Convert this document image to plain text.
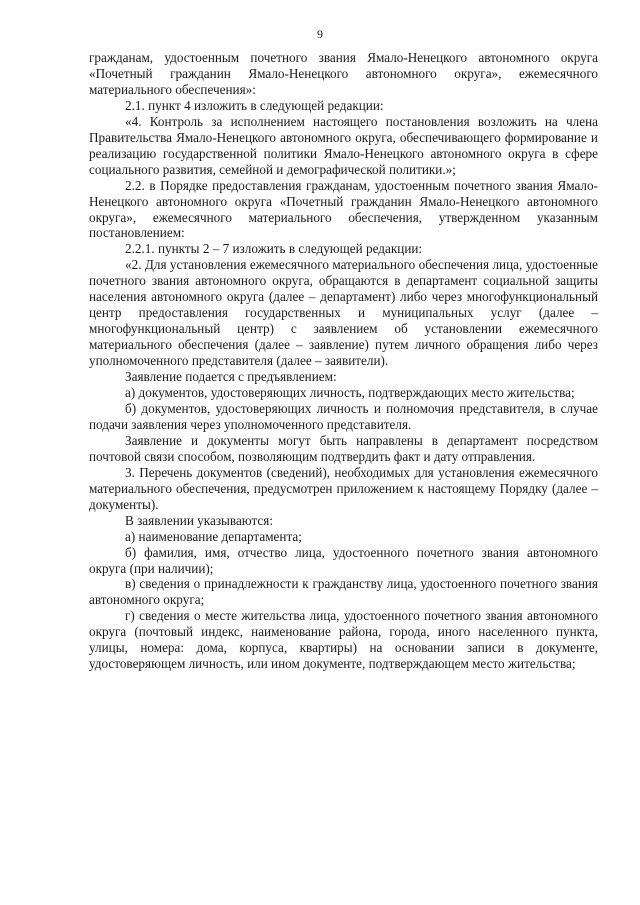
9

гражданам, удостоенным почетного звания Ямало-Ненецкого автономного округа «Почетный гражданин Ямало-Ненецкого автономного округа», ежемесячного материального обеспечения»:

2.1. пункт 4 изложить в следующей редакции:

«4. Контроль за исполнением настоящего постановления возложить на члена Правительства Ямало-Ненецкого автономного округа, обеспечивающего формирование и реализацию государственной политики Ямало-Ненецкого автономного округа в сфере социального развития, семейной и демографической политики.»;

2.2. в Порядке предоставления гражданам, удостоенным почетного звания Ямало-Ненецкого автономного округа «Почетный гражданин Ямало-Ненецкого автономного округа», ежемесячного материального обеспечения, утвержденном указанным постановлением:

2.2.1. пункты 2 – 7 изложить в следующей редакции:

«2. Для установления ежемесячного материального обеспечения лица, удостоенные почетного звания автономного округа, обращаются в департамент социальной защиты населения автономного округа (далее – департамент) либо через многофункциональный центр предоставления государственных и муниципальных услуг (далее – многофункциональный центр) с заявлением об установлении ежемесячного материального обеспечения (далее – заявление) путем личного обращения либо через уполномоченного представителя (далее – заявители).

Заявление подается с предъявлением:

а) документов, удостоверяющих личность, подтверждающих место жительства;

б) документов, удостоверяющих личность и полномочия представителя, в случае подачи заявления через уполномоченного представителя.

Заявление и документы могут быть направлены в департамент посредством почтовой связи способом, позволяющим подтвердить факт и дату отправления.

3. Перечень документов (сведений), необходимых для установления ежемесячного материального обеспечения, предусмотрен приложением к настоящему Порядку (далее – документы).

В заявлении указываются:

а) наименование департамента;

б) фамилия, имя, отчество лица, удостоенного почетного звания автономного округа (при наличии);

в) сведения о принадлежности к гражданству лица, удостоенного почетного звания автономного округа;

г) сведения о месте жительства лица, удостоенного почетного звания автономного округа (почтовый индекс, наименование района, города, иного населенного пункта, улицы, номера: дома, корпуса, квартиры) на основании записи в документе, удостоверяющем личность, или ином документе, подтверждающем место жительства;
